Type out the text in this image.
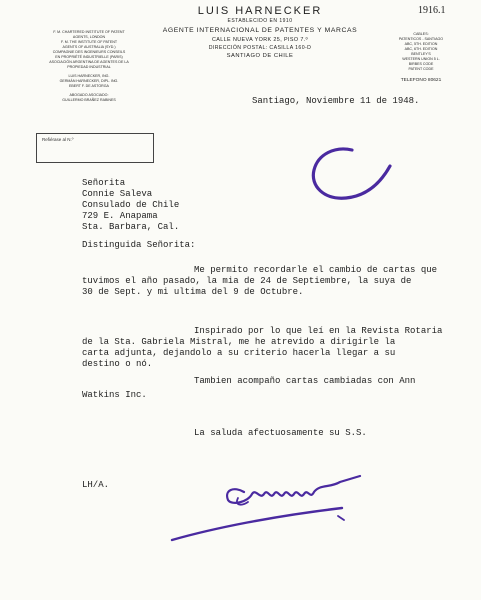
1916.1
F. M. CHARTERED INSTITUTE OF PATENT
AGENTS, LONDON
F. M. THE INSTITUTE OF PATENT
AGENTS OF AUSTRALIA (SYD.)
COMPAGNIE DES INGENIEURS CONSEILS
EN PROPRIÉTÉ INDUSTRIELLE (PARIS)
ASOCIACIÓN ARGENTINA DE AGENTES DE LA
PROPIEDAD INDUSTRIAL
LUIS HARNECKER, ING.
GERMÁN HARNECKER, DIPL. ING.
EBERT F. DE ASTORGA
ABOGADO ASOCIADO:
GUILLERMO BRAÑEZ RABINES
LUIS HARNECKER
ESTABLECIDO EN 1910
AGENTE INTERNACIONAL DE PATENTES Y MARCAS
CALLE NUEVA YORK 25, PISO 7.º
DIRECCIÓN POSTAL: CASILLA 160-D
SANTIAGO DE CHILE
CABLES:
PATENTICOS - SANTIAGO
ABC, 5TH. EDITION
ABC, 6TH. EDITION
BENTLEY'S
WESTERN UNION 5 L.
BIRBES CODE
PATENT CODE
TELEFONO 80621
Refiérase al N.º
Santiago, Noviembre 11 de 1948.
Señorita
Connie Saleva
Consulado de Chile
729 E. Anapama
Sta. Barbara, Cal.
Distinguida Señorita:
Me permito recordarle el cambio de cartas que
tuvimos el año pasado, la mia de 24 de Septiembre, la suya de
30 de Sept. y mi ultima del 9 de Octubre.
Inspirado por lo que leí en la Revista Rotaria
de la Sta. Gabriela Mistral, me he atrevido a dirigirle la
carta adjunta, dejandolo a su criterio hacerla llegar a su
destino o nó.
Tambien acompaño cartas cambiadas con Ann
Watkins Inc.
La saluda afectuosamente su S.S.
LH/A.
